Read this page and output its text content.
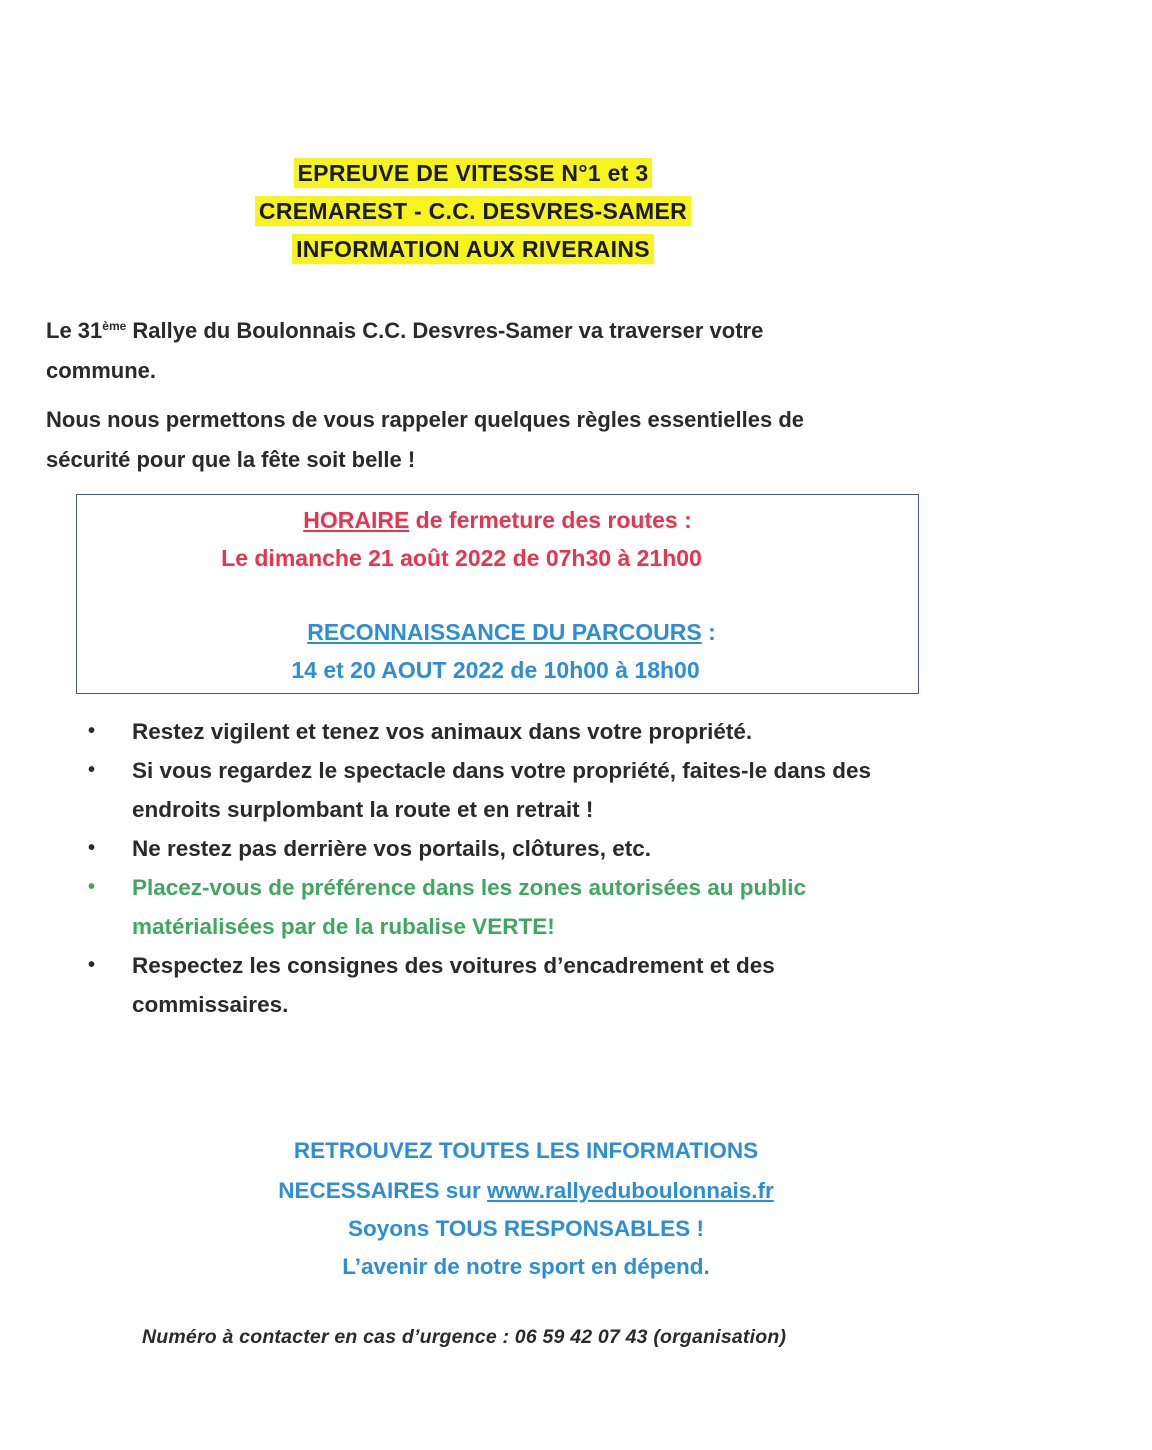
EPREUVE DE VITESSE N°1 et 3
CREMAREST - C.C. DESVRES-SAMER
INFORMATION AUX RIVERAINS
Le 31ème Rallye du Boulonnais C.C. Desvres-Samer va traverser votre commune.
Nous nous permettons de vous rappeler quelques règles essentielles de sécurité pour que la fête soit belle !
HORAIRE de fermeture des routes :
Le dimanche 21 août 2022 de 07h30 à 21h00
RECONNAISSANCE DU PARCOURS :
14 et 20 AOUT 2022 de 10h00 à 18h00
• Restez vigilent et tenez vos animaux dans votre propriété.
• Si vous regardez le spectacle dans votre propriété, faites-le dans des endroits surplombant la route et en retrait !
• Ne restez pas derrière vos portails, clôtures, etc.
• Placez-vous de préférence dans les zones autorisées au public matérialisées par de la rubalise VERTE!
• Respectez les consignes des voitures d’encadrement et des commissaires.
RETROUVEZ TOUTES LES INFORMATIONS
NECESSAIRES sur www.rallyeduboulonnais.fr
Soyons TOUS RESPONSABLES !
L’avenir de notre sport en dépend.
Numéro à contacter en cas d’urgence : 06 59 42 07 43 (organisation)
